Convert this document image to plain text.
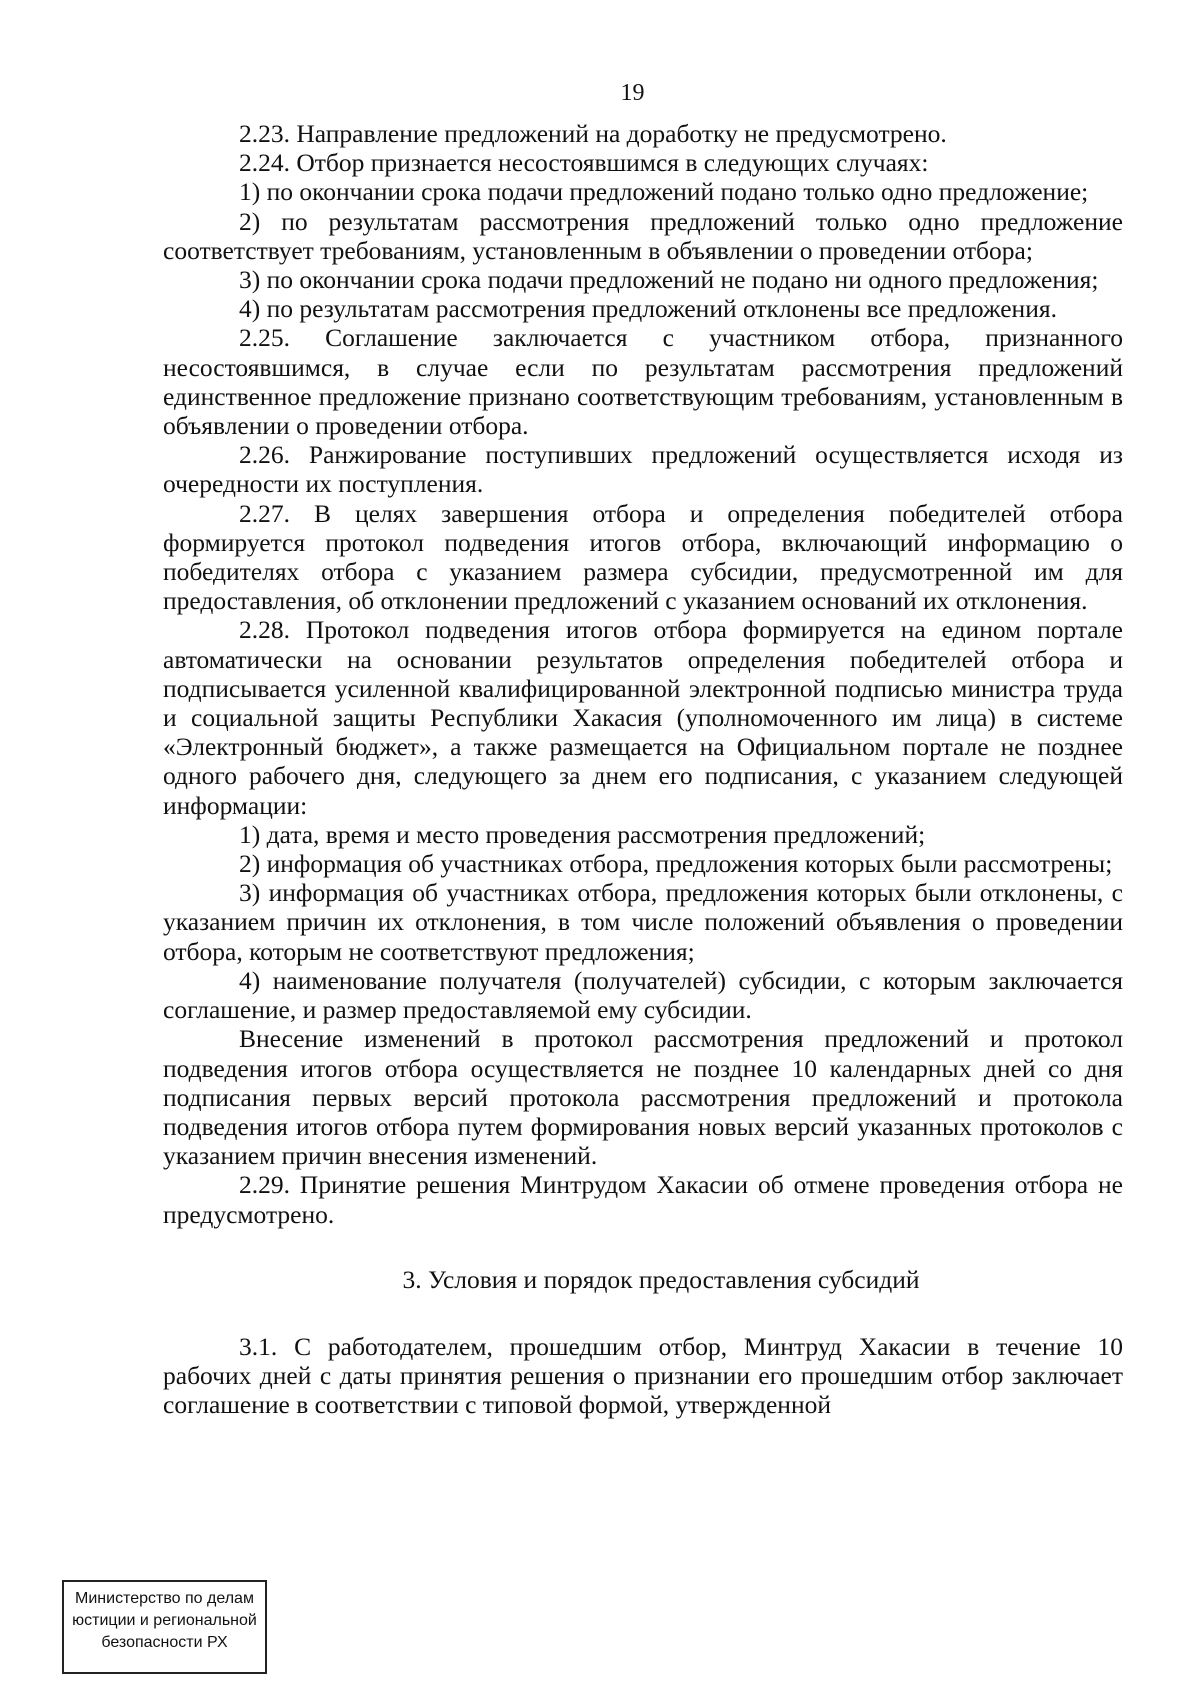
19

2.23. Направление предложений на доработку не предусмотрено.

2.24. Отбор признается несостоявшимся в следующих случаях:

1) по окончании срока подачи предложений подано только одно предложение;

2) по результатам рассмотрения предложений только одно предложение соответствует требованиям, установленным в объявлении о проведении отбора;

3) по окончании срока подачи предложений не подано ни одного предложения;

4) по результатам рассмотрения предложений отклонены все предложения.

2.25. Соглашение заключается с участником отбора, признанного несостоявшимся, в случае если по результатам рассмотрения предложений единственное предложение признано соответствующим требованиям, установленным в объявлении о проведении отбора.

2.26. Ранжирование поступивших предложений осуществляется исходя из очередности их поступления.

2.27. В целях завершения отбора и определения победителей отбора формируется протокол подведения итогов отбора, включающий информацию о победителях отбора с указанием размера субсидии, предусмотренной им для предоставления, об отклонении предложений с указанием оснований их отклонения.

2.28. Протокол подведения итогов отбора формируется на едином портале автоматически на основании результатов определения победителей отбора и подписывается усиленной квалифицированной электронной подписью министра труда и социальной защиты Республики Хакасия (уполномоченного им лица) в системе «Электронный бюджет», а также размещается на Официальном портале не позднее одного рабочего дня, следующего за днем его подписания, с указанием следующей информации:

1) дата, время и место проведения рассмотрения предложений;

2) информация об участниках отбора, предложения которых были рассмотрены;

3) информация об участниках отбора, предложения которых были отклонены, с указанием причин их отклонения, в том числе положений объявления о проведении отбора, которым не соответствуют предложения;

4) наименование получателя (получателей) субсидии, с которым заключается соглашение, и размер предоставляемой ему субсидии.

Внесение изменений в протокол рассмотрения предложений и протокол подведения итогов отбора осуществляется не позднее 10 календарных дней со дня подписания первых версий протокола рассмотрения предложений и протокола подведения итогов отбора путем формирования новых версий указанных протоколов с указанием причин внесения изменений.

2.29. Принятие решения Минтрудом Хакасии об отмене проведения отбора не предусмотрено.

3. Условия и порядок предоставления субсидий

3.1. С работодателем, прошедшим отбор, Минтруд Хакасии в течение 10 рабочих дней с даты принятия решения о признании его прошедшим отбор заключает соглашение в соответствии с типовой формой, утвержденной

Министерство по делам
юстиции и региональной
безопасности РХ
